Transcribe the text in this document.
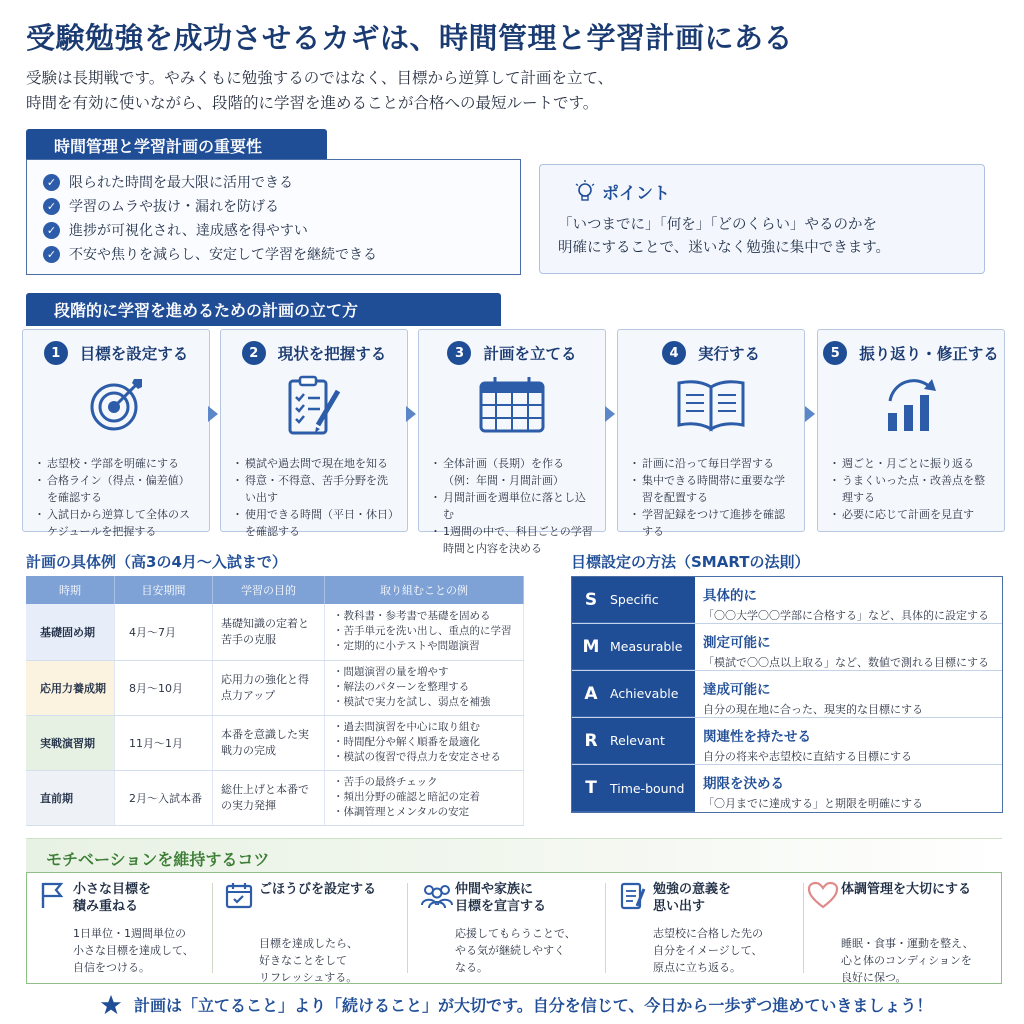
受験勉強を成功させるカギは、時間管理と学習計画にある
受験は長期戦です。やみくもに勉強するのではなく、目標から逆算して計画を立て、
時間を有効に使いながら、段階的に学習を進めることが合格への最短ルートです。
時間管理と学習計画の重要性
✓ 限られた時間を最大限に活用できる
✓ 学習のムラや抜け・漏れを防げる
✓ 進捗が可視化され、達成感を得やすい
✓ 不安や焦りを減らし、安定して学習を継続できる
ポイント
「いつまでに」「何を」「どのくらい」やるのかを
明確にすることで、迷いなく勉強に集中できます。
段階的に学習を進めるための計画の立て方
1	目標を設定する
・ 志望校・学部を明確にする
・ 合格ライン（得点・偏差値）を確認する
・ 入試日から逆算して全体のスケジュールを把握する
2	現状を把握する
・ 模試や過去問で現在地を知る
・ 得意・不得意、苦手分野を洗い出す
・ 使用できる時間（平日・休日）を確認する
3	計画を立てる
・ 全体計画（長期）を作る（例：年間・月間計画）
・ 月間計画を週単位に落とし込む
・ 1週間の中で、科目ごとの学習時間と内容を決める
4	実行する
・ 計画に沿って毎日学習する
・ 集中できる時間帯に重要な学習を配置する
・ 学習記録をつけて進捗を確認する
5	振り返り・修正する
・ 週ごと・月ごとに振り返る
・ うまくいった点・改善点を整理する
・ 必要に応じて計画を見直す
計画の具体例（高3の4月〜入試まで）
時期	目安期間	学習の目的	取り組むことの例
基礎固め期	4月〜7月	基礎知識の定着と苦手の克服	・ 教科書・参考書で基礎を固める
・ 苦手単元を洗い出し、重点的に学習
・ 定期的に小テストや問題演習

応用力養成期	8月〜10月	応用力の強化と得点力アップ	・ 問題演習の量を増やす
・ 解法のパターンを整理する
・ 模試で実力を試し、弱点を補強

実戦演習期	11月〜1月	本番を意識した実戦力の完成	・ 過去問演習を中心に取り組む
・ 時間配分や解く順番を最適化
・ 模試の復習で得点力を安定させる

直前期	2月〜入試本番	総仕上げと本番での実力発揮	・ 苦手の最終チェック
・ 頻出分野の確認と暗記の定着
・ 体調管理とメンタルの安定
目標設定の方法（SMARTの法則）
S	Specific	具体的に
「〇〇大学〇〇学部に合格する」など、具体的に設定する
M Measurable 測定可能に
「模試で〇〇点以上取る」など、数値で測れる目標にする
A Achievable 達成可能に
自分の現在地に合った、現実的な目標にする
R Relevant	関連性を持たせる
自分の将来や志望校に直結する目標にする
T	Time-bound 期限を決める
「〇月までに達成する」と期限を明確にする
モチベーションを維持するコツ
小さな目標を
積み重ねる
1日単位・1週間単位の
小さな目標を達成して、
自信をつける。
ごほうびを設定する
目標を達成したら、
好きなことをして
リフレッシュする。
仲間や家族に
目標を宣言する
応援してもらうことで、
やる気が継続しやすく
なる。
勉強の意義を
思い出す
志望校に合格した先の
自分をイメージして、
原点に立ち返る。
体調管理を大切にする
睡眠・食事・運動を整え、
心と体のコンディションを
良好に保つ。
計画は「立てること」より「続けること」が大切です。自分を信じて、今日から一歩ずつ進めていきましょう！
